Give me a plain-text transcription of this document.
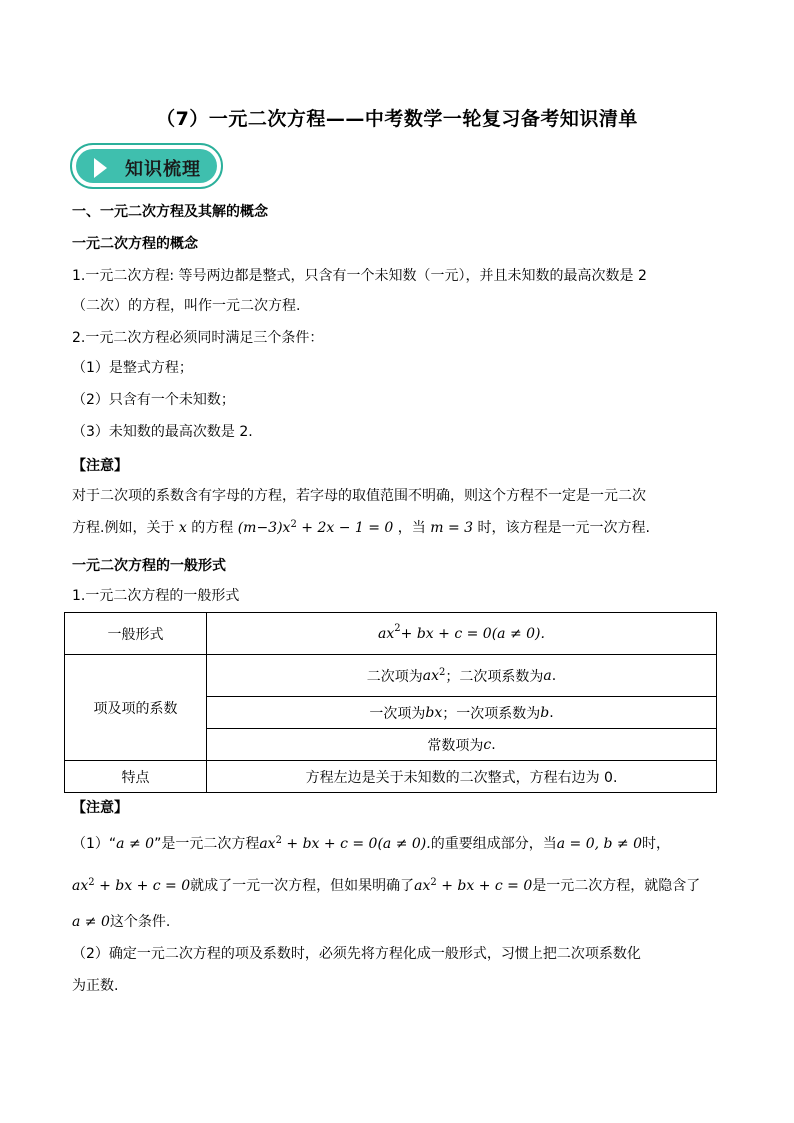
（7）一元二次方程——中考数学一轮复习备考知识清单
知识梳理
一、一元二次方程及其解的概念
一元二次方程的概念
1.一元二次方程: 等号两边都是整式，只含有一个未知数（一元），并且未知数的最高次数是 2
（二次）的方程，叫作一元二次方程.
2.一元二次方程必须同时满足三个条件：
（1）是整式方程；
（2）只含有一个未知数；
（3）未知数的最高次数是 2.
【注意】
对于二次项的系数含有字母的方程，若字母的取值范围不明确，则这个方程不一定是一元二次
方程.例如，关于 x 的方程 $(m-3)x^2 + 2x - 1 = 0$ ，当 m = 3 时，该方程是一元一次方程.
一元二次方程的一般形式
1.一元二次方程的一般形式
一般形式	ax 2 + bx + c = 0(a ≠ 0).
项及项的系数
二次项为 $ax^2$ ；二次项系数为 a .
一次项为 bx ；一次项系数为 b .
常数项为 c .
特点	方程左边是关于未知数的二次整式，方程右边为 0.
【注意】
（1）“a ≠ 0”是一元二次方程$ax^2$ + bx + c = 0(a ≠ 0).的重要组成部分，当a = 0, b ≠ 0时，
$ax^2$ + bx + c = 0就成了一元一次方程，但如果明确了$ax^2$ + bx + c = 0是一元二次方程，就隐含了
a ≠ 0这个条件.
（2）确定一元二次方程的项及系数时，必须先将方程化成一般形式，习惯上把二次项系数化
为正数.
